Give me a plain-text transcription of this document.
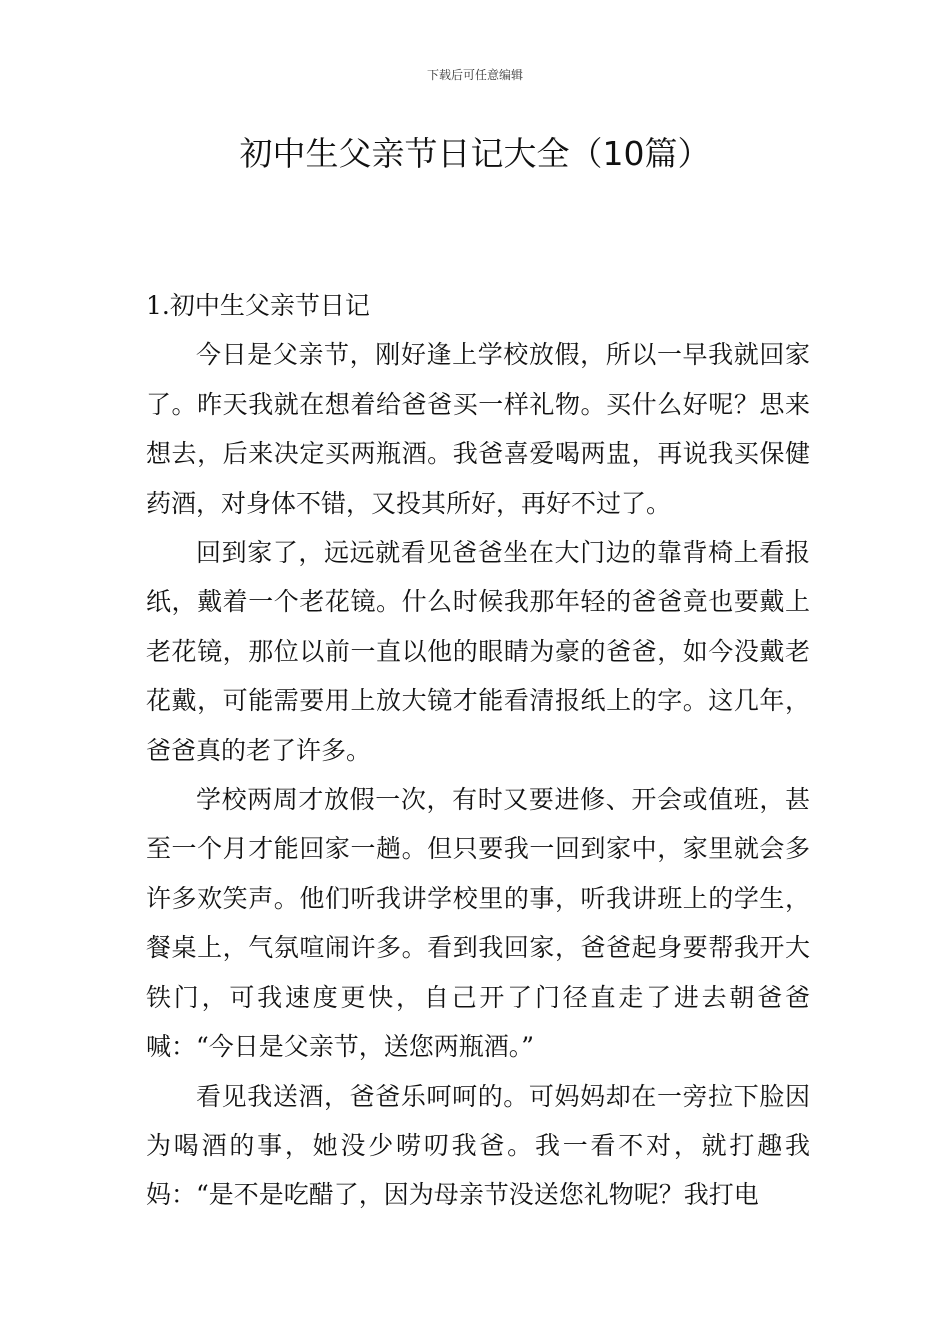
下载后可任意编辑
初中生父亲节日记大全（10篇）

1.初中生父亲节日记

今日是父亲节，刚好逢上学校放假，所以一早我就回家了。昨天我就在想着给爸爸买一样礼物。买什么好呢？思来想去，后来决定买两瓶酒。我爸喜爱喝两盅，再说我买保健药酒，对身体不错，又投其所好，再好不过了。

回到家了，远远就看见爸爸坐在大门边的靠背椅上看报纸，戴着一个老花镜。什么时候我那年轻的爸爸竟也要戴上老花镜，那位以前一直以他的眼睛为豪的爸爸，如今没戴老花戴，可能需要用上放大镜才能看清报纸上的字。这几年，爸爸真的老了许多。

学校两周才放假一次，有时又要进修、开会或值班，甚至一个月才能回家一趟。但只要我一回到家中，家里就会多许多欢笑声。他们听我讲学校里的事，听我讲班上的学生，餐桌上，气氛喧闹许多。看到我回家，爸爸起身要帮我开大铁门，可我速度更快，自己开了门径直走了进去朝爸爸喊：“今日是父亲节，送您两瓶酒。”

看见我送酒，爸爸乐呵呵的。可妈妈却在一旁拉下脸因为喝酒的事，她没少唠叨我爸。我一看不对，就打趣我妈：“是不是吃醋了，因为母亲节没送您礼物呢？我打电
